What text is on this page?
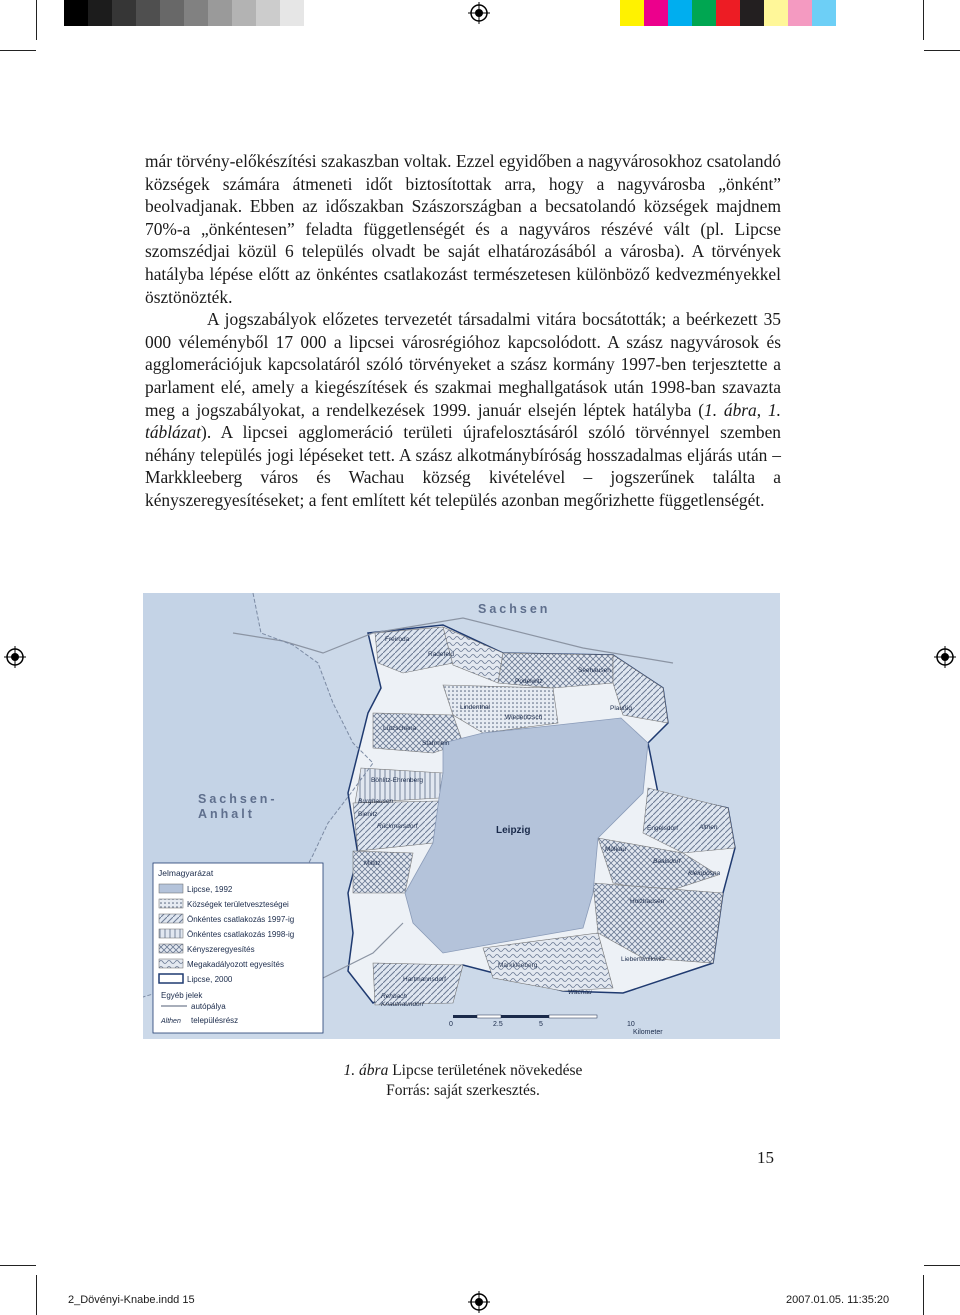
már törvény-előkészítési szakaszban voltak. Ezzel egyidőben a nagyvárosokhoz csatolandó községek számára átmeneti időt biztosítottak arra, hogy a nagyvárosba „önként” beolvadjanak. Ebben az időszakban Szászországban a becsatolandó községek majdnem 70%-a „önkéntesen” feladta függetlenségét és a nagyváros részévé vált (pl. Lipcse szomszédjai közül 6 település olvadt be saját elhatározásából a városba). A törvények hatályba lépése előtt az önkéntes csatlakozást természetesen különböző kedvezményekkel ösztönözték.

A jogszabályok előzetes tervezetét társadalmi vitára bocsátották; a beérkezett 35 000 véleményből 17 000 a lipcsei városrégióhoz kapcsolódott. A szász nagyvárosok és agglomerációjuk kapcsolatáról szóló törvényeket a szász kormány 1997-ben terjesztette a parlament elé, amely a kiegészítések és szakmai meghallgatások után 1998-ban szavazta meg a jogszabályokat, a rendelkezések 1999. január elsején léptek hatályba (1. ábra, 1. táblázat). A lipcsei agglomeráció területi újrafelosztásáról szóló törvénnyel szemben néhány település jogi lépéseket tett. A szász alkotmánybíróság hosszadalmas eljárás után – Markkleeberg város és Wachau község kivételével – jogszerűnek találta a kényszeregyesítéseket; a fent említett két település azonban megőrizhette függetlenségét.

Sachsen
Sachsen-
Anhalt
Leipzig
Freiroda
Radefeld
Seehausen
Podelwitz
Lindenthal
Wiederitzsch
Plaußig
Lützschena
Stahmeln
Böhlitz-Ehrenberg
Burghausen
Bienitz
Rückmarsdorf	Engelsdorf	Althen
Mölkau
Baalsdorf
Kleinpösna
Miltitz
Holzhausen
Liebertwolkwitz
Markkleeberg
Hartmannsdorf
Wachau
Rehbach
Knautnaundorf
Jelmagyarázat
Lipcse, 1992
Községek területveszteségei
Önkéntes csatlakozás 1997-ig
Önkéntes csatlakozás 1998-ig
Kényszeregyesítés
Megakadályozott egyesítés
Lipcse, 2000
Egyéb jelek
autópálya
Althen településrész	0	2.5	5	10
Kilometer
1. ábra Lipcse területének növekedése
Forrás: saját szerkesztés.
15
2_Dövényi-Knabe.indd 15	2007.01.05. 11:35:20
